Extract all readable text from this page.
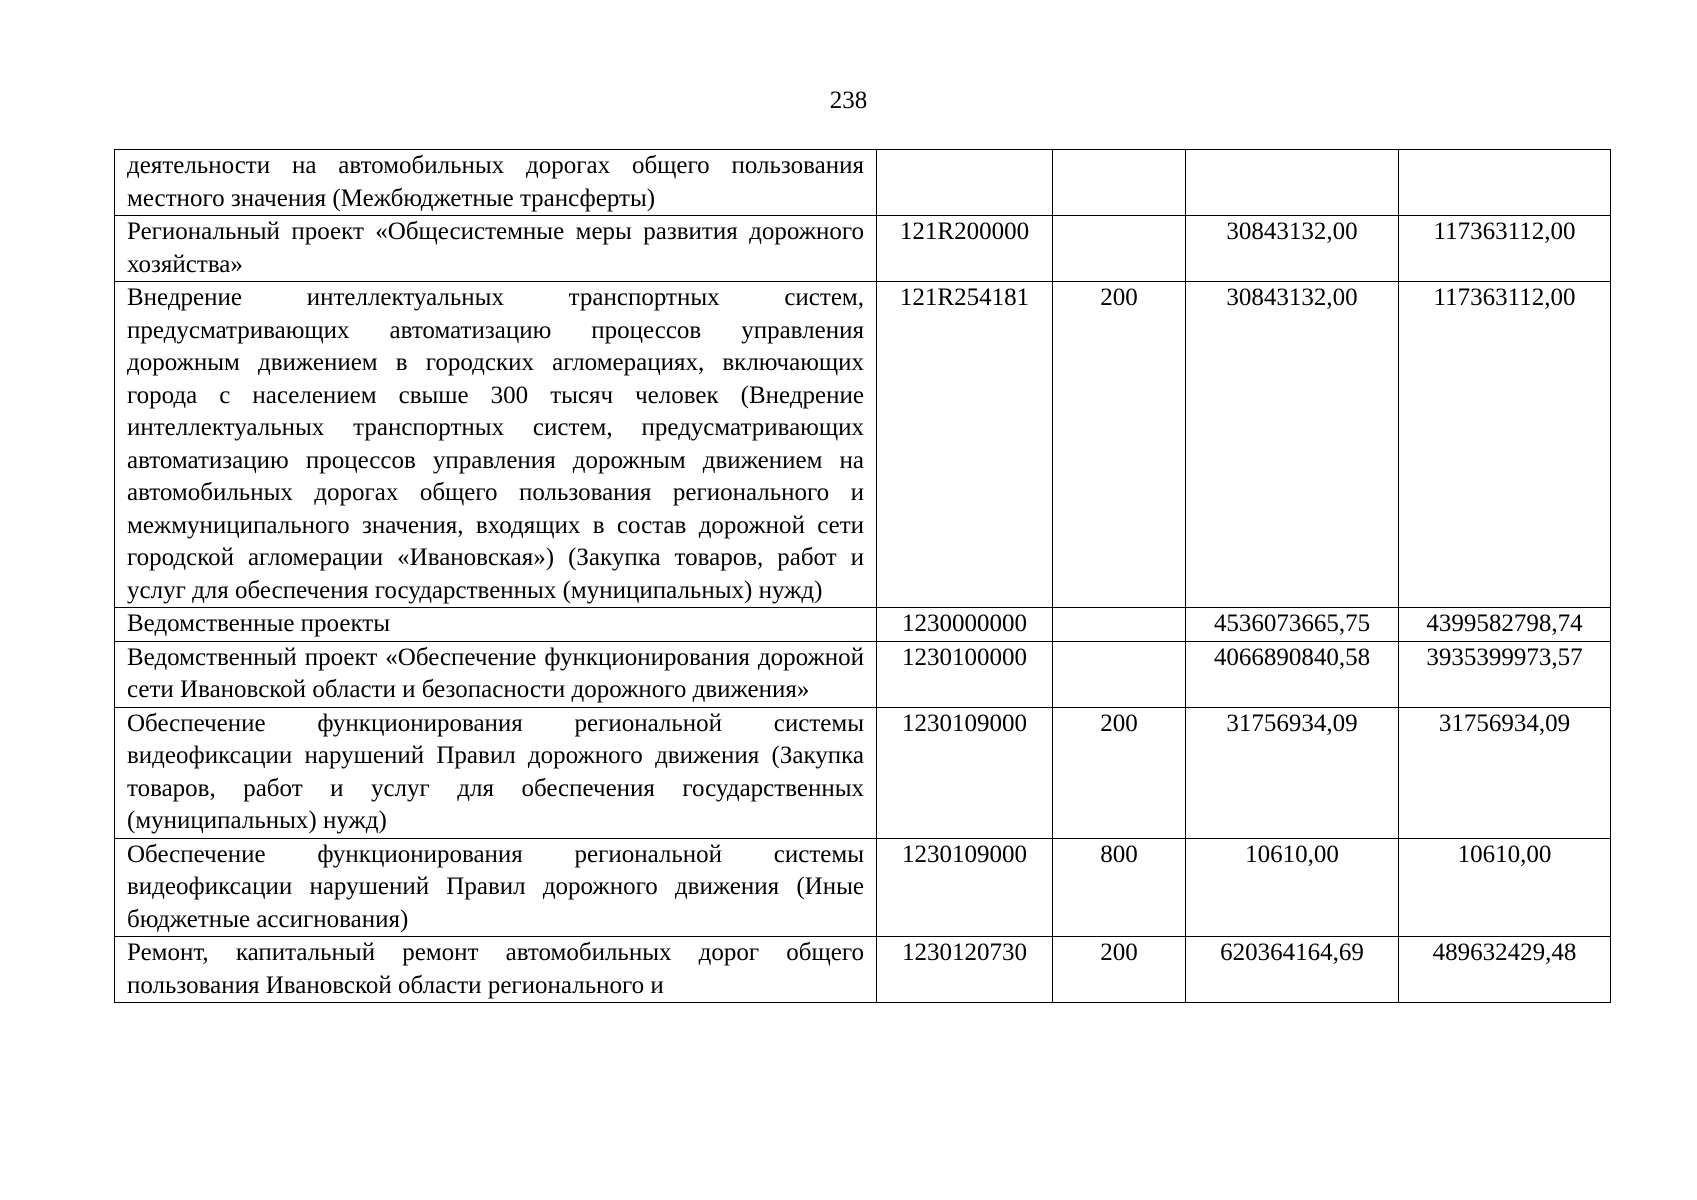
238
деятельности на автомобильных дорогах общего пользования местного значения (Межбюджетные трансферты)				

Региональный проект «Общесистемные меры развития дорожного хозяйства»	121R200000		30843132,00	117363112,00

Внедрение интеллектуальных транспортных систем, предусматривающих автоматизацию процессов управления дорожным движением в городских агломерациях, включающих города с населением свыше 300 тысяч человек (Внедрение интеллектуальных транспортных систем, предусматривающих автоматизацию процессов управления дорожным движением на автомобильных дорогах общего пользования регионального и межмуниципального значения, входящих в состав дорожной сети городской агломерации «Ивановская») (Закупка товаров, работ и услуг для обеспечения государственных (муниципальных) нужд)	121R254181	200	30843132,00	117363112,00

Ведомственные проекты	1230000000		4536073665,75	4399582798,74

Ведомственный проект «Обеспечение функционирования дорожной сети Ивановской области и безопасности дорожного движения»	1230100000		4066890840,58	3935399973,57

Обеспечение функционирования региональной системы видеофиксации нарушений Правил дорожного движения (Закупка товаров, работ и услуг для обеспечения государственных (муниципальных) нужд)	1230109000	200	31756934,09	31756934,09

Обеспечение функционирования региональной системы видеофиксации нарушений Правил дорожного движения (Иные бюджетные ассигнования)	1230109000	800	10610,00	10610,00

Ремонт, капитальный ремонт автомобильных дорог общего пользования Ивановской области регионального и	1230120730	200	620364164,69	489632429,48
